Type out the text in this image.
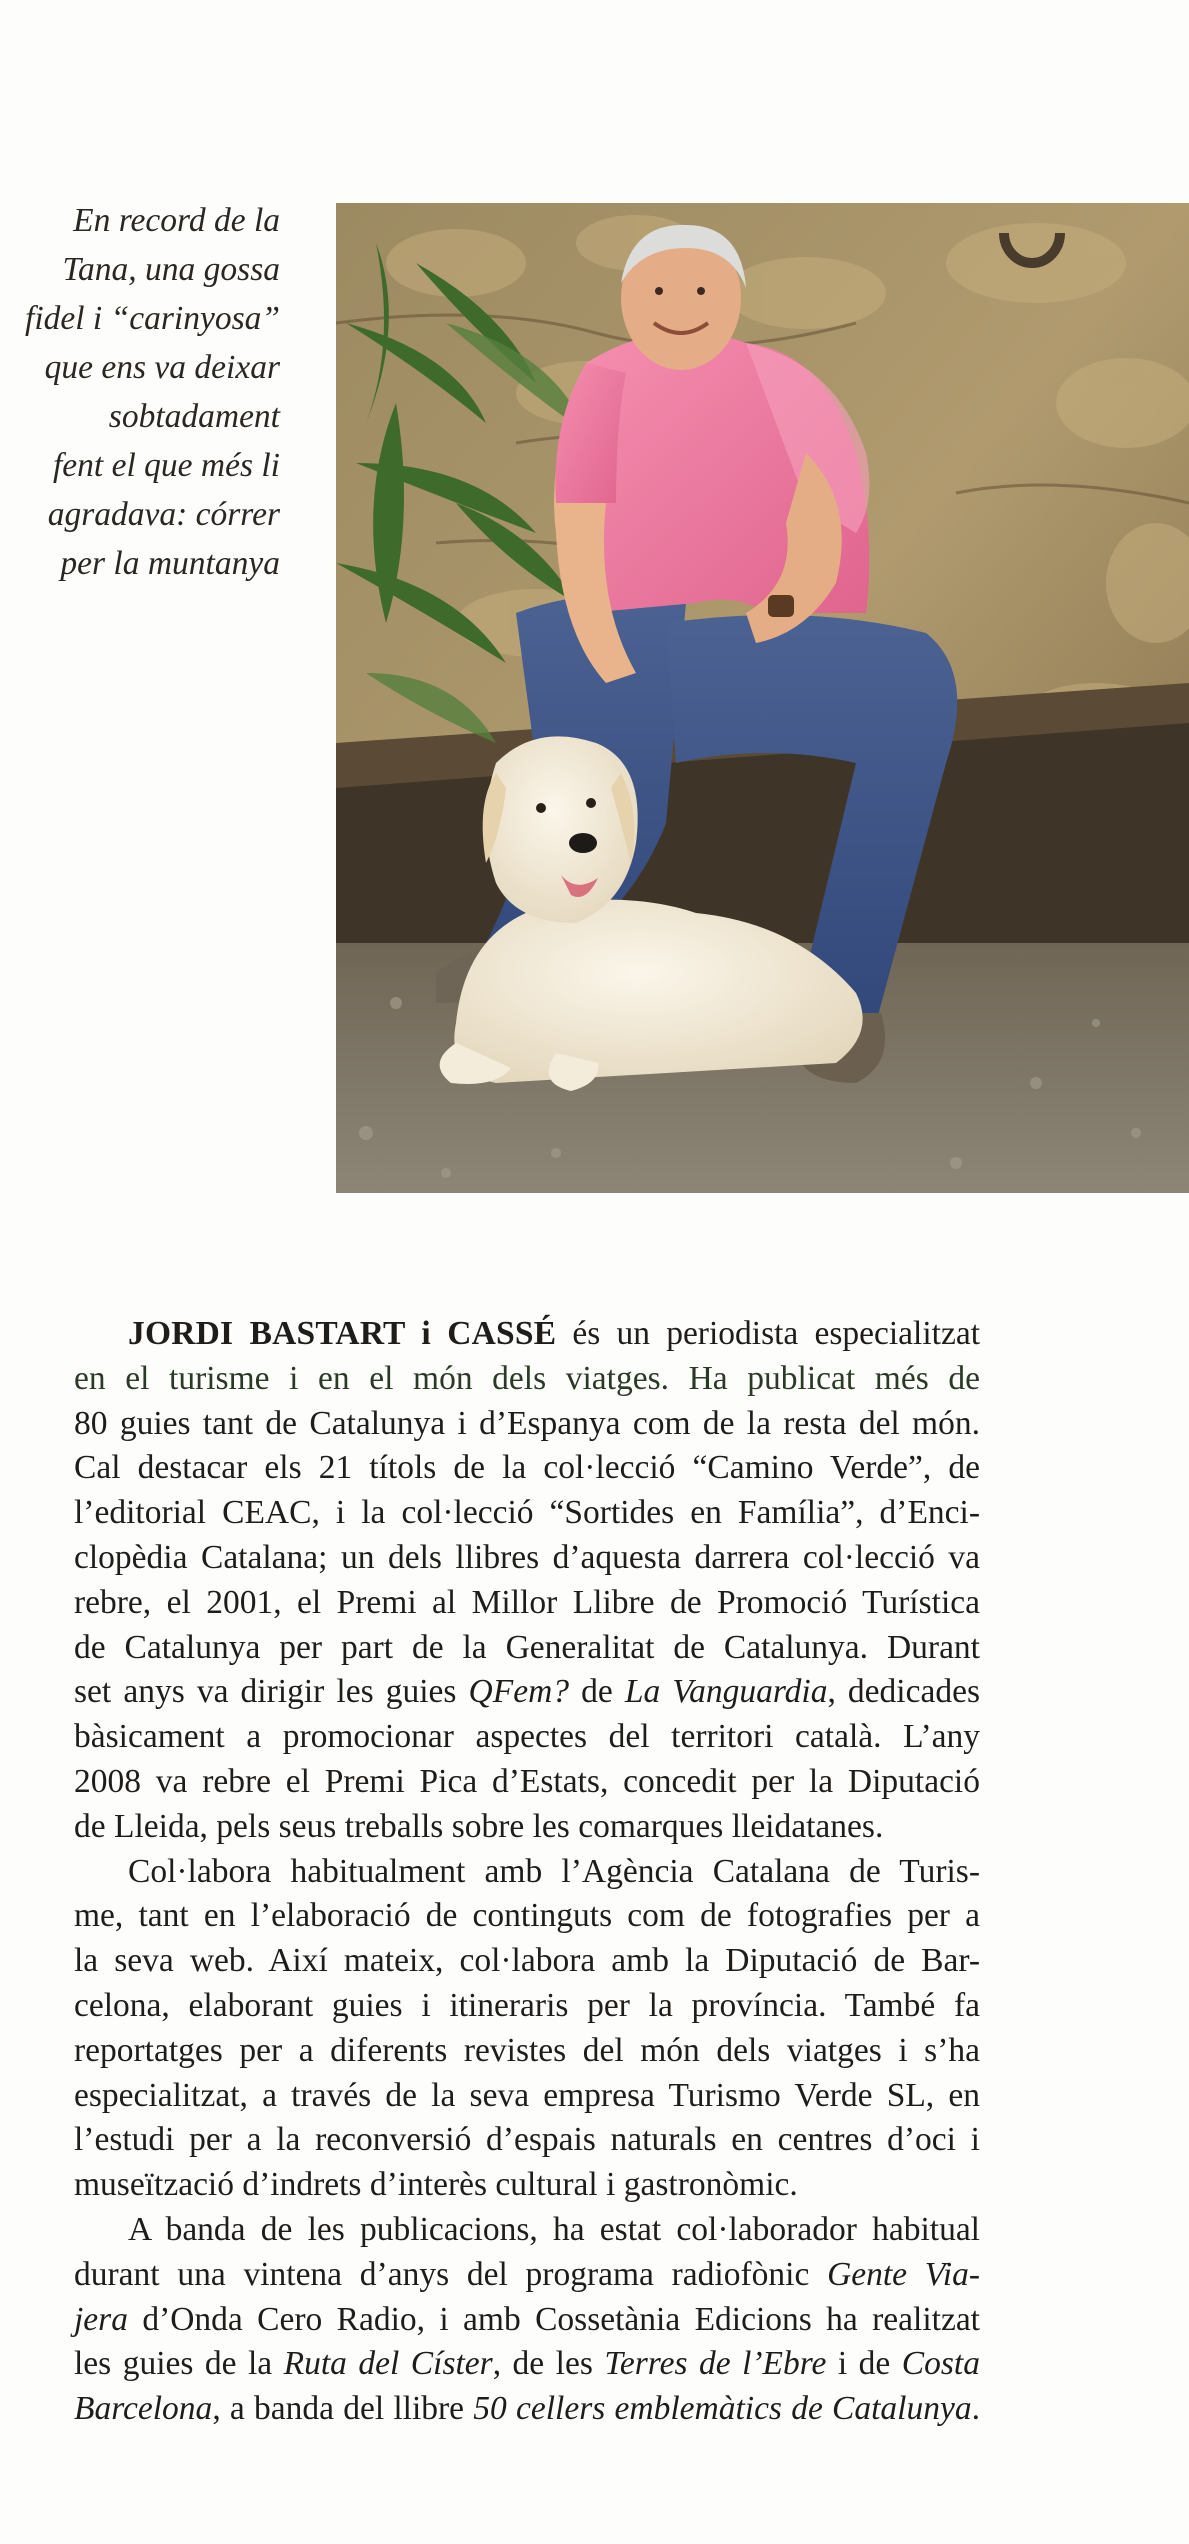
En record de la
Tana, una gossa
fidel i “carinyosa”
que ens va deixar
sobtadament
fent el que més li
agradava: córrer
per la muntanya

JORDI BASTART i CASSÉ és un periodista especialitzat
en el turisme i en el món dels viatges. Ha publicat més de
80 guies tant de Catalunya i d’Espanya com de la resta del món.
Cal destacar els 21 títols de la col·lecció “Camino Verde”, de
l’editorial CEAC, i la col·lecció “Sortides en Família”, d’Enci-
clopèdia Catalana; un dels llibres d’aquesta darrera col·lecció va
rebre, el 2001, el Premi al Millor Llibre de Promoció Turística
de Catalunya per part de la Generalitat de Catalunya. Durant
set anys va dirigir les guies QFem? de La Vanguardia, dedicades
bàsicament a promocionar aspectes del territori català. L’any
2008 va rebre el Premi Pica d’Estats, concedit per la Diputació
de Lleida, pels seus treballs sobre les comarques lleidatanes.

Col·labora habitualment amb l’Agència Catalana de Turis-
me, tant en l’elaboració de continguts com de fotografies per a
la seva web. Així mateix, col·labora amb la Diputació de Bar-
celona, elaborant guies i itineraris per la província. També fa
reportatges per a diferents revistes del món dels viatges i s’ha
especialitzat, a través de la seva empresa Turismo Verde SL, en
l’estudi per a la reconversió d’espais naturals en centres d’oci i
museïtzació d’indrets d’interès cultural i gastronòmic.

A banda de les publicacions, ha estat col·laborador habitual
durant una vintena d’anys del programa radiofònic Gente Via-
jera d’Onda Cero Radio, i amb Cossetània Edicions ha realitzat
les guies de la Ruta del Císter, de les Terres de l’Ebre i de Costa
Barcelona, a banda del llibre 50 cellers emblemàtics de Catalunya.
